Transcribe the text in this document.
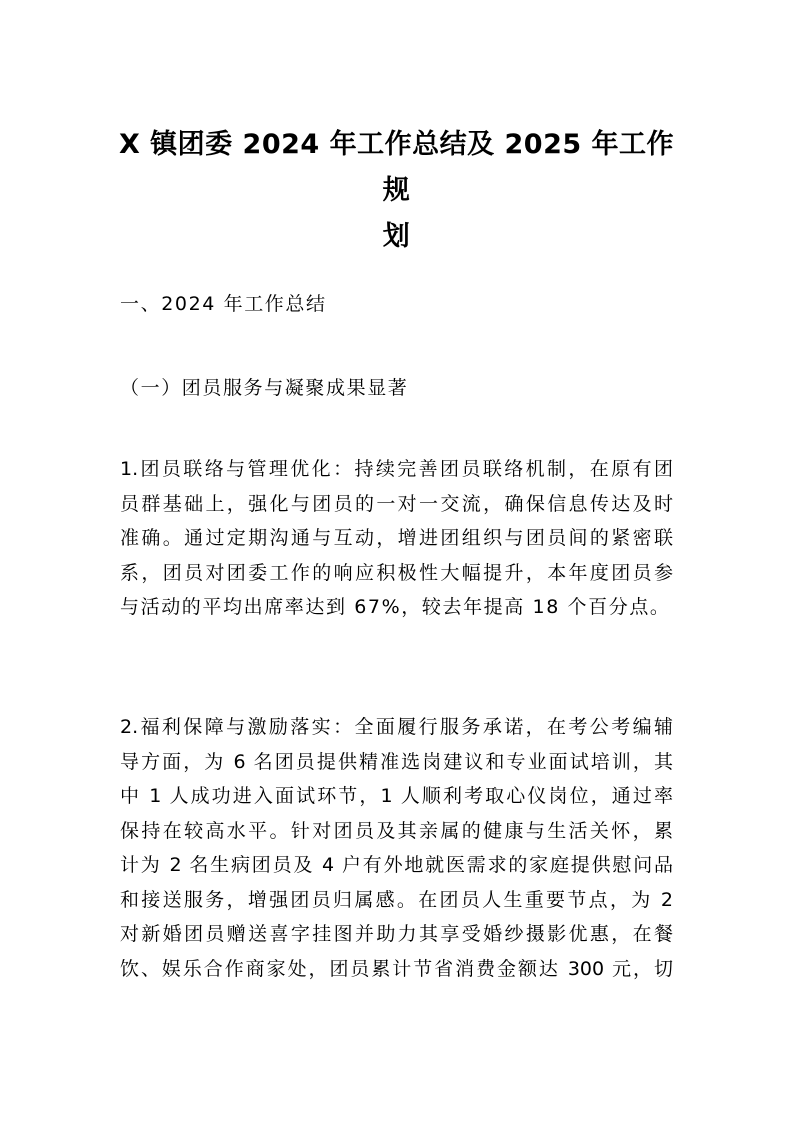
X 镇团委 2024 年工作总结及 2025 年工作规
划

一、2024 年工作总结

（一）团员服务与凝聚成果显著

1.团员联络与管理优化：持续完善团员联络机制，在原有团
员群基础上，强化与团员的一对一交流，确保信息传达及时
准确。通过定期沟通与互动，增进团组织与团员间的紧密联
系，团员对团委工作的响应积极性大幅提升，本年度团员参
与活动的平均出席率达到 67%，较去年提高 18 个百分点。
2.福利保障与激励落实：全面履行服务承诺，在考公考编辅
导方面，为 6 名团员提供精准选岗建议和专业面试培训，其
中 1 人成功进入面试环节，1 人顺利考取心仪岗位，通过率
保持在较高水平。针对团员及其亲属的健康与生活关怀，累
计为 2 名生病团员及 4 户有外地就医需求的家庭提供慰问品
和接送服务，增强团员归属感。在团员人生重要节点，为 2
对新婚团员赠送喜字挂图并助力其享受婚纱摄影优惠，在餐
饮、娱乐合作商家处，团员累计节省消费金额达 300 元，切
